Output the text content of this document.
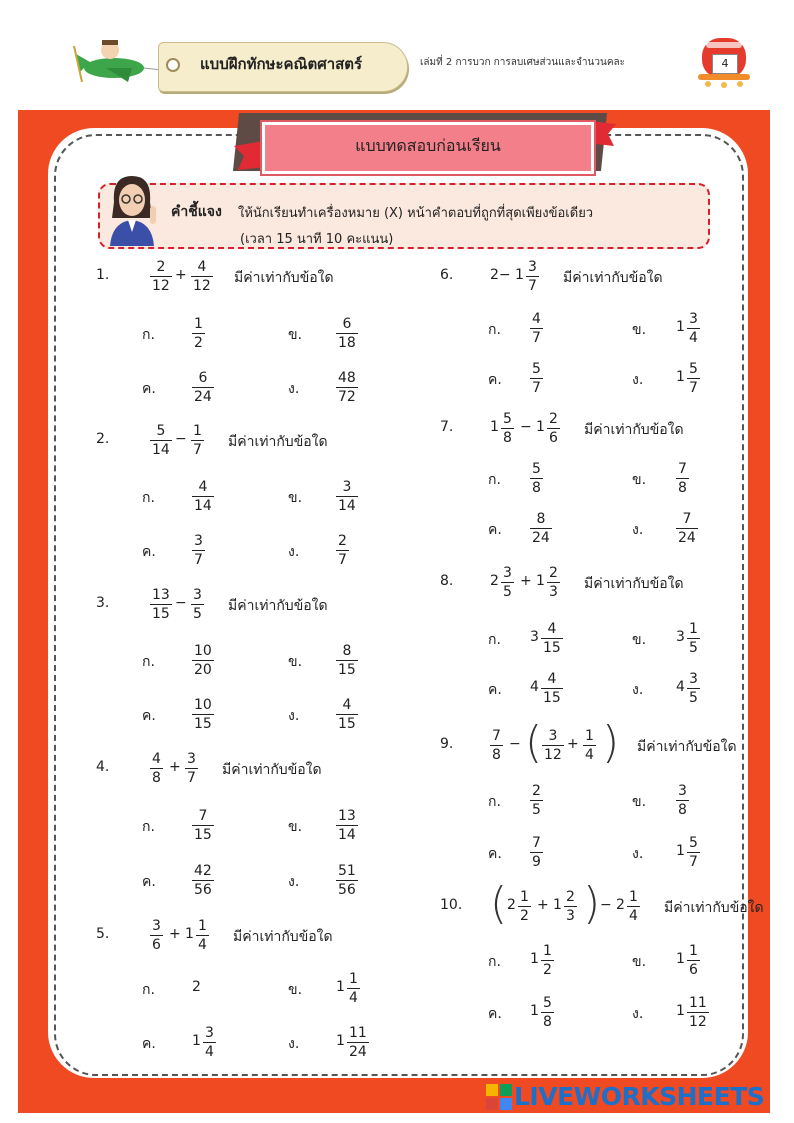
แบบฝึกทักษะคณิตศาสตร์	เล่มที่ 2 การบวก การลบเศษส่วนและจำนวนคละ	4
แบบทดสอบก่อนเรียน
คำชี้แจง ให้นักเรียนทำเครื่องหมาย (X) หน้าคำตอบที่ถูกที่สุดเพียงข้อเดียว
(เวลา 15 นาที 10 คะแนน)
1.	$\frac{2}{12} + \frac{4}{12}$ มีค่าเท่ากับข้อใด
ก.	$\frac{1}{2}$	ข. $\frac{6}{18}$
ค.	$\frac{6}{24}$	ง.	$\frac{48}{72}$
2.	$\frac{5}{14} - \frac{1}{7}$ มีค่าเท่ากับข้อใด
ก.	$\frac{4}{14}$	ข. $\frac{3}{14}$
ค.	$\frac{3}{7}$	ง.	$\frac{2}{7}$
3.	$\frac{13}{15} - \frac{3}{5}$ มีค่าเท่ากับข้อใด
ก.	$\frac{10}{20}$	ข. $\frac{8}{15}$
ค.	$\frac{10}{15}$	ง.	$\frac{4}{15}$
4.	$\frac{4}{8} + \frac{3}{7}$ มีค่าเท่ากับข้อใด
ก.	$\frac{7}{15}$	ข. $\frac{13}{14}$
ค.	$\frac{42}{56}$	ง.	$\frac{51}{56}$
5.	$\frac{3}{6} + 1 \frac{1}{4}$ มีค่าเท่ากับข้อใด
ก.	2	ข. $1 \frac{1}{4}$
ค.	$1 \frac{3}{4}$	ง.	$1 \frac{11}{24}$
6.	$2- 1 \frac{3}{7}$ มีค่าเท่ากับข้อใด
ก. $\frac{4}{7}$	ข. $1 \frac{3}{4}$
ค. $\frac{5}{7}$	ง. $1 \frac{5}{7}$
7.	$1 \frac{5}{8} - 1 \frac{2}{6}$ มีค่าเท่ากับข้อใด
ก. $\frac{5}{8}$	ข. $\frac{7}{8}$
ค. $\frac{8}{24}$	ง. $\frac{7}{24}$
8.	$2 \frac{3}{5} + 1 \frac{2}{3}$ มีค่าเท่ากับข้อใด
ก. $3 \frac{4}{15}$	ข. $3 \frac{1}{5}$
ค. $4 \frac{4}{15}$	ง. $4 \frac{3}{5}$
9.	$\frac{7}{8}$ − ( $\frac{3}{12} + \frac{1}{4}$ ) มีค่าเท่ากับข้อใด
ก. $\frac{2}{5}$	ข. $\frac{3}{8}$
ค. $\frac{7}{9}$	ง. $1 \frac{5}{7}$
10. ( $2 \frac{1}{2} + 1 \frac{2}{3}$ ) − $2 \frac{1}{4}$ มีค่าเท่ากับข้อใด
ก. $1 \frac{1}{2}$	ข. $1 \frac{1}{6}$
ค. $1 \frac{5}{8}$	ง. $1 \frac{11}{12}$
LIVEWORKSHEETS
